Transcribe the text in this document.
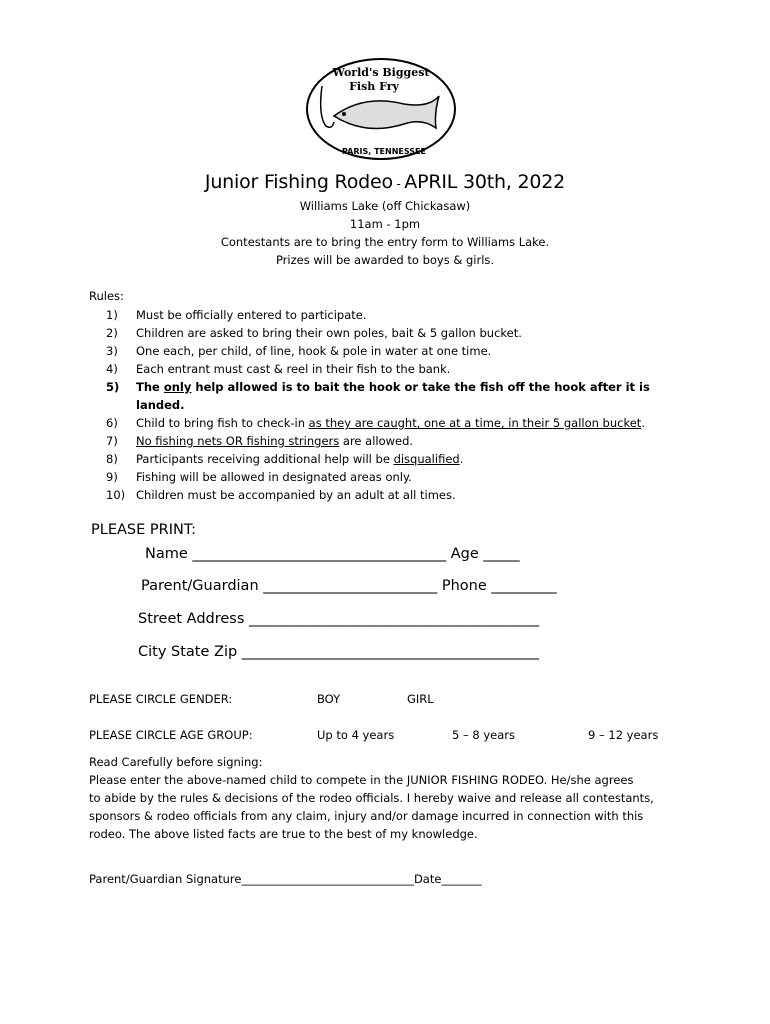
World's Biggest
Fish Fry
PARIS, TENNESSEE
Junior Fishing Rodeo - APRIL 30th, 2022
Williams Lake (off Chickasaw)
11am - 1pm
Contestants are to bring the entry form to Williams Lake.
Prizes will be awarded to boys & girls.
Rules:
1) Must be officially entered to participate.
2) Children are asked to bring their own poles, bait & 5 gallon bucket.
3) One each, per child, of line, hook & pole in water at one time.
4) Each entrant must cast & reel in their fish to the bank.
5) The only help allowed is to bait the hook or take the fish off the hook after it is
landed.
6) Child to bring fish to check-in as they are caught, one at a time, in their 5 gallon bucket.
7) No fishing nets OR fishing stringers are allowed.
8) Participants receiving additional help will be disqualified.
9) Fishing will be allowed in designated areas only.
10) Children must be accompanied by an adult at all times.
PLEASE PRINT:
Name ___________________________________ Age _____
Parent/Guardian ________________________ Phone _________
Street Address ________________________________________
City State Zip _________________________________________
PLEASE CIRCLE GENDER:	BOY	GIRL
PLEASE CIRCLE AGE GROUP:	Up to 4 years	5 – 8 years	9 – 12 years
Read Carefully before signing:
Please enter the above-named child to compete in the JUNIOR FISHING RODEO. He/she agrees
to abide by the rules & decisions of the rodeo officials. I hereby waive and release all contestants,
sponsors & rodeo officials from any claim, injury and/or damage incurred in connection with this
rodeo. The above listed facts are true to the best of my knowledge.
Parent/Guardian Signature______________________________Date_______
